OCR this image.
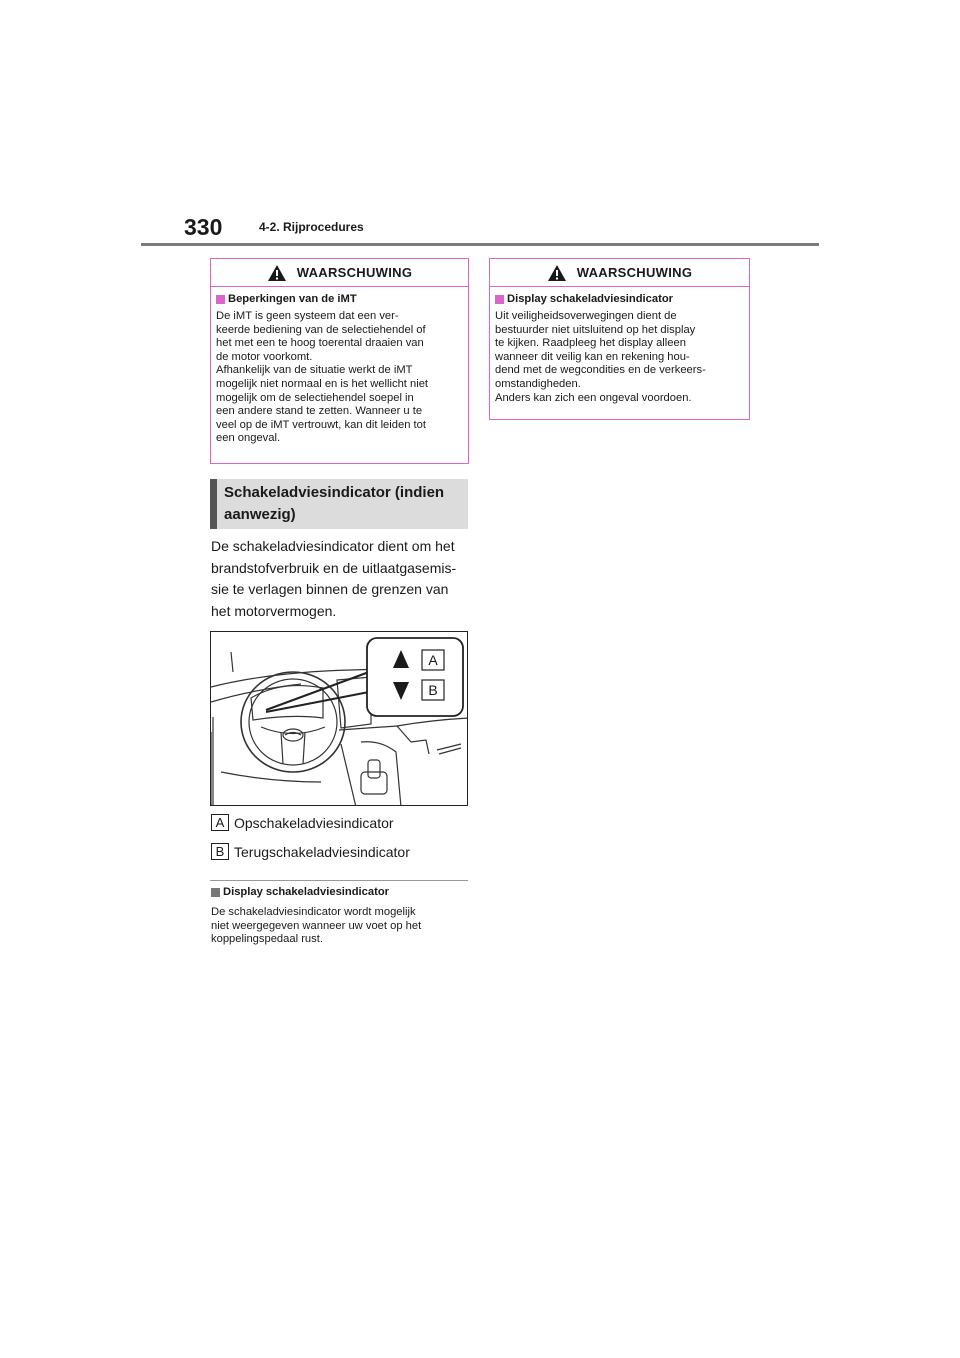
330	4-2. Rijprocedures
WAARSCHUWING
Beperkingen van de iMT
De iMT is geen systeem dat een ver-
keerde bediening van de selectiehendel of
het met een te hoog toerental draaien van
de motor voorkomt.
Afhankelijk van de situatie werkt de iMT
mogelijk niet normaal en is het wellicht niet
mogelijk om de selectiehendel soepel in
een andere stand te zetten. Wanneer u te
veel op de iMT vertrouwt, kan dit leiden tot
een ongeval.
WAARSCHUWING
Display schakeladviesindicator
Uit veiligheidsoverwegingen dient de
bestuurder niet uitsluitend op het display
te kijken. Raadpleeg het display alleen
wanneer dit veilig kan en rekening hou-
dend met de wegcondities en de verkeers-
omstandigheden.
Anders kan zich een ongeval voordoen.
Schakeladviesindicator (indien
aanwezig)
De schakeladviesindicator dient om het
brandstofverbruik en de uitlaatgasemis-
sie te verlagen binnen de grenzen van
het motorvermogen.
A
B
A Opschakeladviesindicator
B Terugschakeladviesindicator
Display schakeladviesindicator
De schakeladviesindicator wordt mogelijk
niet weergegeven wanneer uw voet op het
koppelingspedaal rust.
